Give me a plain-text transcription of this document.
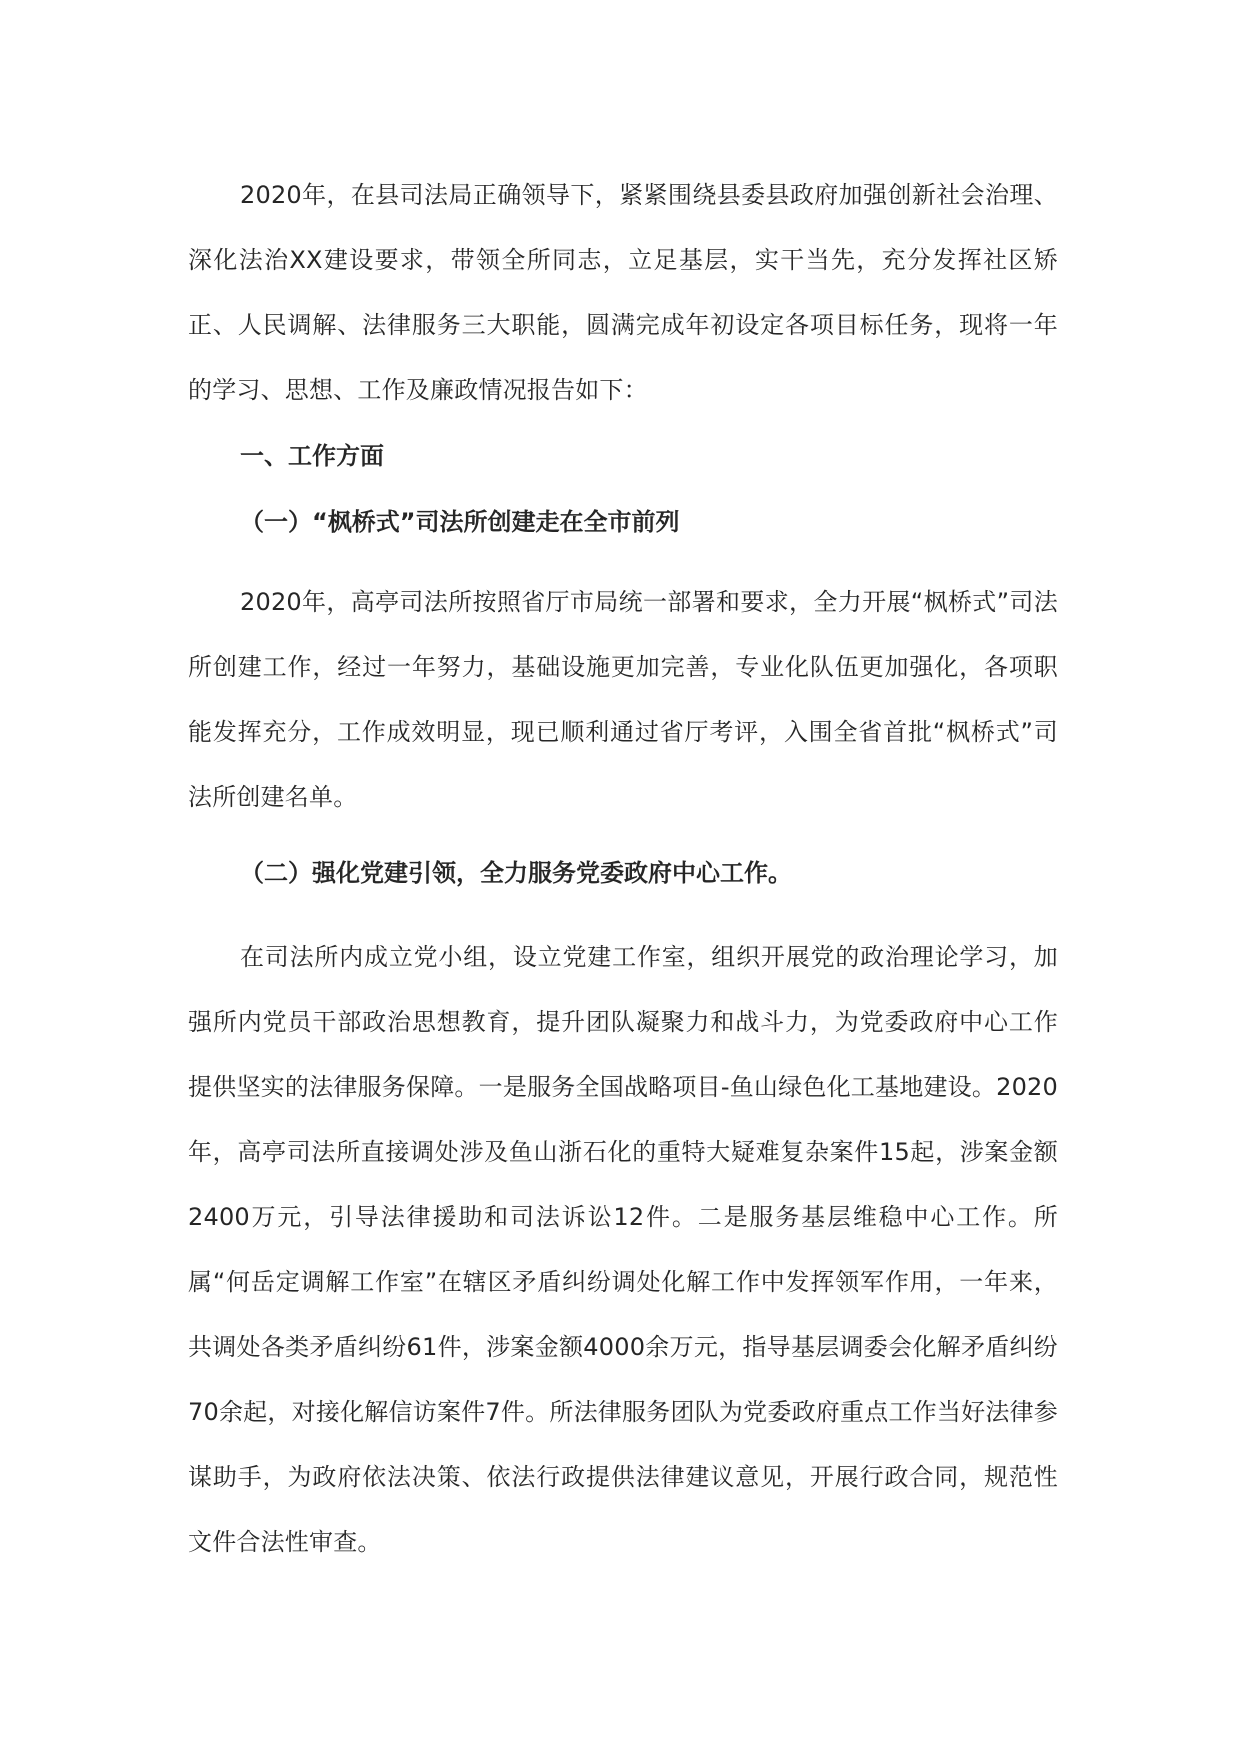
2020年，在县司法局正确领导下，紧紧围绕县委县政府加强创新社会治理、深化法治XX建设要求，带领全所同志，立足基层，实干当先，充分发挥社区矫正、人民调解、法律服务三大职能，圆满完成年初设定各项目标任务，现将一年的学习、思想、工作及廉政情况报告如下：

一、工作方面

（一）“枫桥式”司法所创建走在全市前列

2020年，高亭司法所按照省厅市局统一部署和要求，全力开展“枫桥式”司法所创建工作，经过一年努力，基础设施更加完善，专业化队伍更加强化，各项职能发挥充分，工作成效明显，现已顺利通过省厅考评，入围全省首批“枫桥式”司法所创建名单。

（二）强化党建引领，全力服务党委政府中心工作。

在司法所内成立党小组，设立党建工作室，组织开展党的政治理论学习，加强所内党员干部政治思想教育，提升团队凝聚力和战斗力，为党委政府中心工作提供坚实的法律服务保障。一是服务全国战略项目-鱼山绿色化工基地建设。2020年，高亭司法所直接调处涉及鱼山浙石化的重特大疑难复杂案件15起，涉案金额2400万元，引导法律援助和司法诉讼12件。二是服务基层维稳中心工作。所属“何岳定调解工作室”在辖区矛盾纠纷调处化解工作中发挥领军作用，一年来，共调处各类矛盾纠纷61件，涉案金额4000余万元，指导基层调委会化解矛盾纠纷70余起，对接化解信访案件7件。所法律服务团队为党委政府重点工作当好法律参谋助手，为政府依法决策、依法行政提供法律建议意见，开展行政合同，规范性文件合法性审查。
